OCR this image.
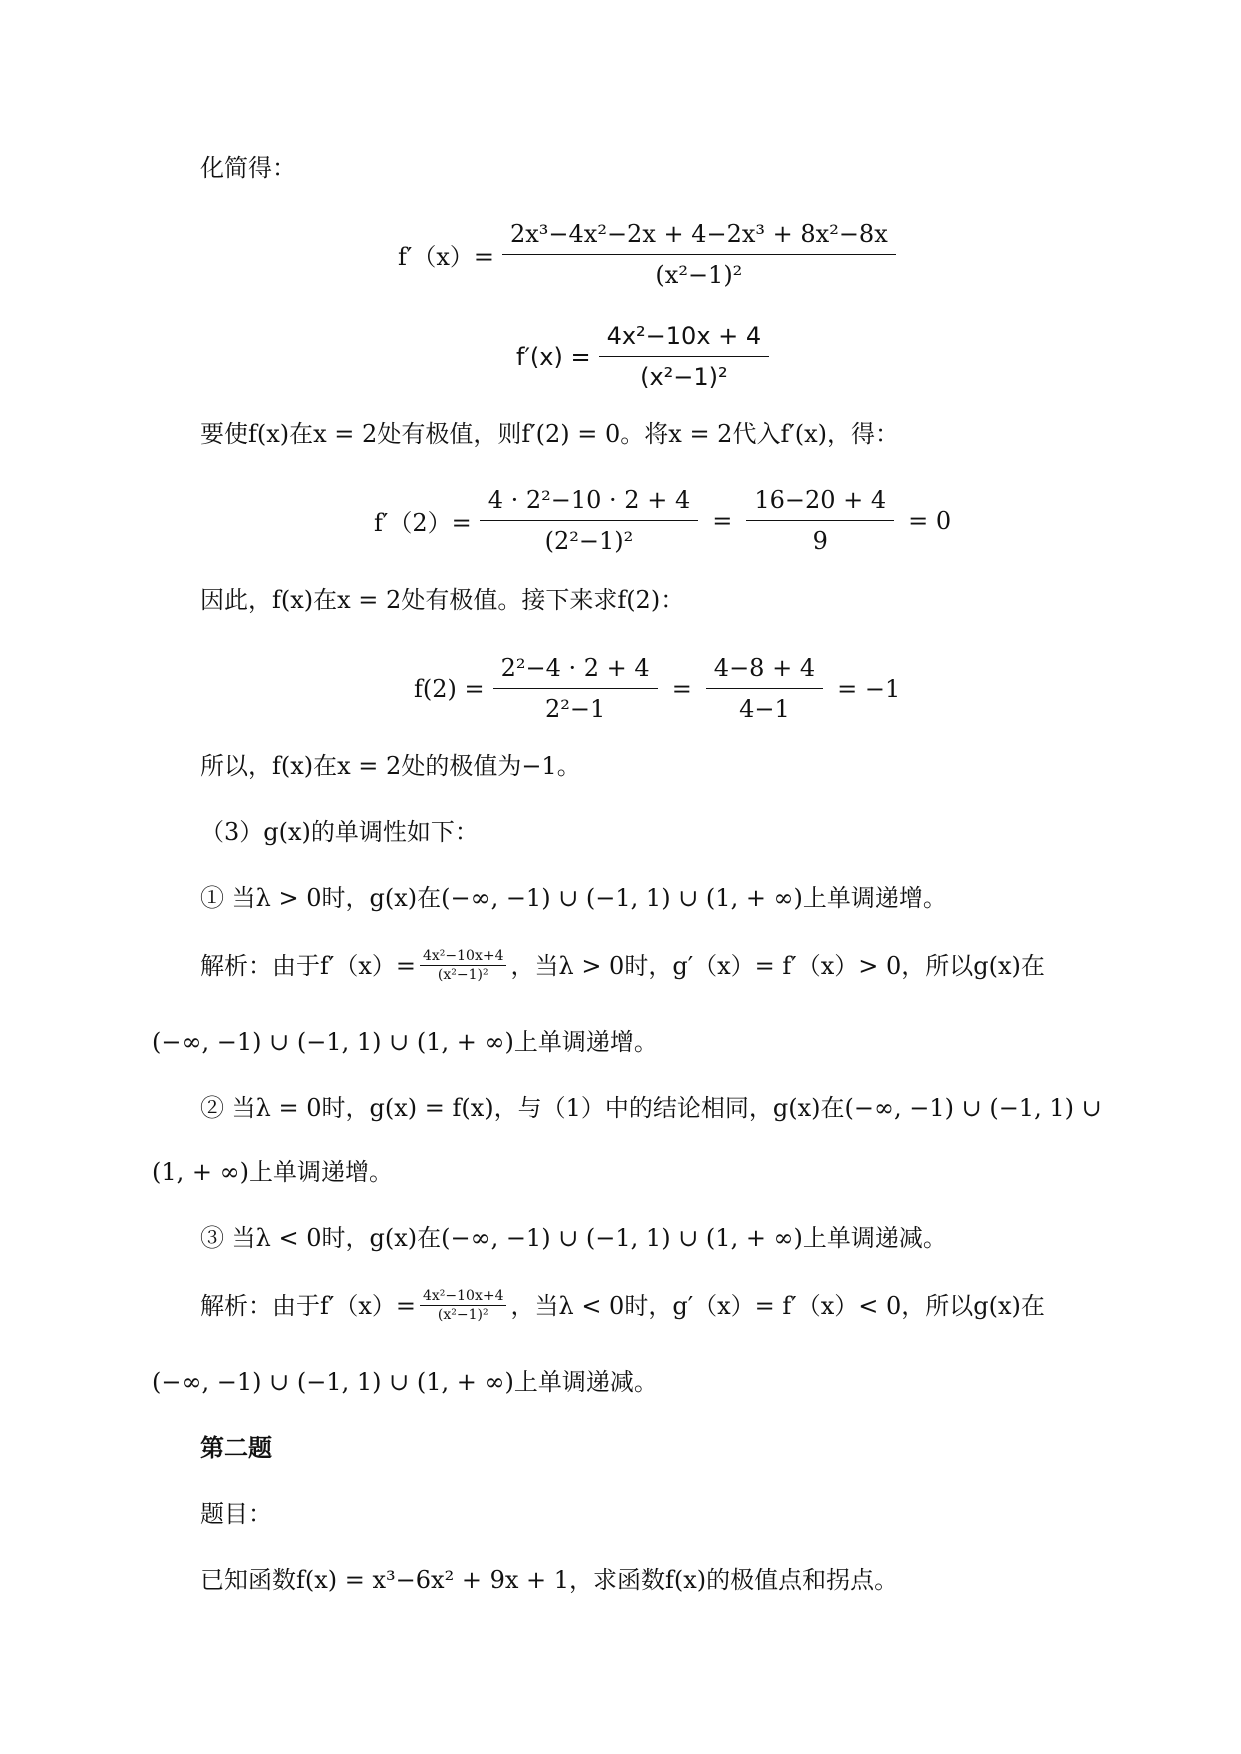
化简得：
$f'(x)= \frac{\text{2x³−4x²−2x + 4−2x³ + 8x²−8x}}{\text{(x²−1)²}}$
$f'(x) = \frac{\text{4x²−10x + 4}}{\text{(x²−1)²}}$
要使f(x)在x = 2处有极值，则f′(2) = 0。将x = 2代入f′(x)，得：
$f'(2)= \frac{\text{4 · 2²−10 · 2 + 4}}{\text{(2²−1)²}} = \frac{16-20 + 4}{9} = 0$
因此，f(x)在x = 2处有极值。接下来求f(2)：
$f(2) = \frac{\text{2²−4 · 2 + 4}}{\text{2²−1}} = \frac{4-8 + 4}{4-1} = -1$
所以，f(x)在x = 2处的极值为−1。
（3）g(x)的单调性如下：
① 当λ > 0时，g(x)在(−∞, −1) ∪ (−1, 1) ∪ (1, + ∞)上单调递增。
解析：由于$f'(x)= \frac{\text{4x²−10x+4}}{\text{(x²−1)²}}$ ，当λ > 0时，g′（x）= f′（x）> 0，所以g(x)在
(−∞, −1) ∪ (−1, 1) ∪ (1, + ∞)上单调递增。
② 当λ = 0时，g(x) = f(x)，与（1）中的结论相同，g(x)在(−∞, −1) ∪ (−1, 1) ∪
(1, + ∞)上单调递增。
③ 当λ < 0时，g(x)在(−∞, −1) ∪ (−1, 1) ∪ (1, + ∞)上单调递减。
解析：由于$f'(x)= \frac{\text{4x²−10x+4}}{\text{(x²−1)²}}$ ，当λ < 0时，g′（x）= f′（x）< 0，所以g(x)在
(−∞, −1) ∪ (−1, 1) ∪ (1, + ∞)上单调递减。
第二题
题目：
已知函数f(x) = x³−6x² + 9x + 1，求函数f(x)的极值点和拐点。
